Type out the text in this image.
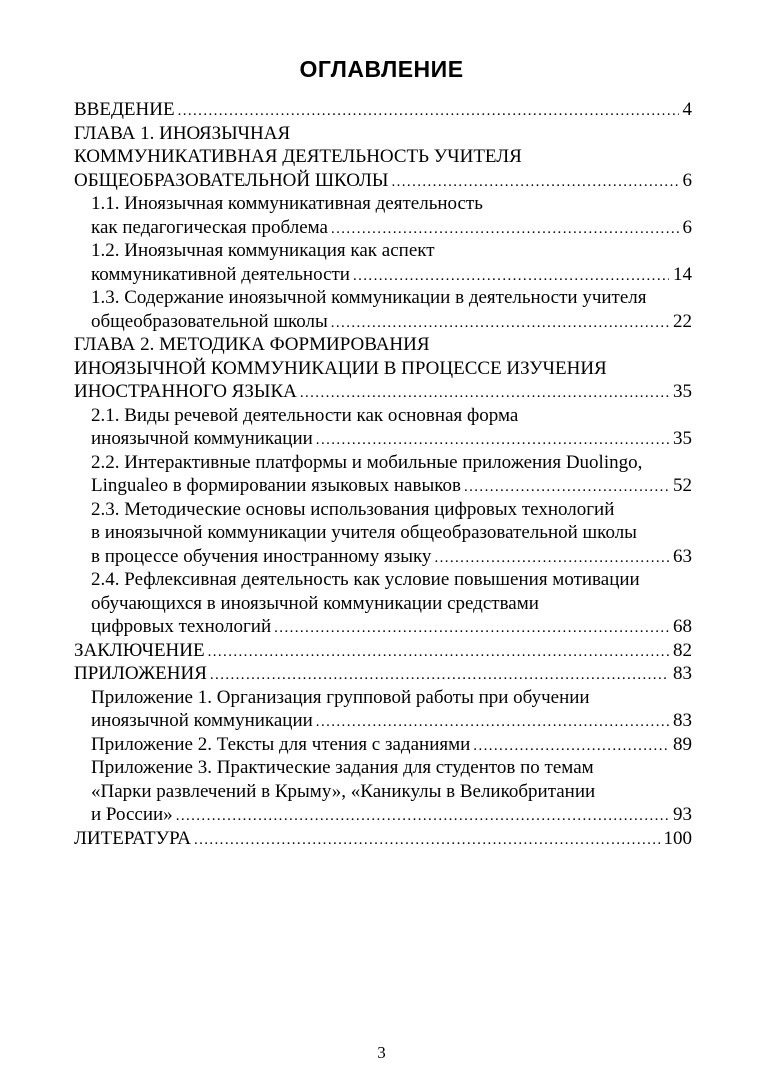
ОГЛАВЛЕНИЕ
ВВЕДЕНИЕ .....	4
ГЛАВА 1. ИНОЯЗЫЧНАЯ
КОММУНИКАТИВНАЯ ДЕЯТЕЛЬНОСТЬ УЧИТЕЛЯ
ОБЩЕОБРАЗОВАТЕЛЬНОЙ ШКОЛЫ .....	6
1.1. Иноязычная коммуникативная деятельность
как педагогическая проблема .....	6
1.2. Иноязычная коммуникация как аспект
коммуникативной деятельности .....	14
1.3. Содержание иноязычной коммуникации в деятельности учителя
общеобразовательной школы .....	22
ГЛАВА 2. МЕТОДИКА ФОРМИРОВАНИЯ
ИНОЯЗЫЧНОЙ КОММУНИКАЦИИ В ПРОЦЕССЕ ИЗУЧЕНИЯ
ИНОСТРАННОГО ЯЗЫКА .....	35
2.1. Виды речевой деятельности как основная форма
иноязычной коммуникации .....	35
2.2. Интерактивные платформы и мобильные приложения Duolingo,
Lingualeo в формировании языковых навыков .....	52
2.3. Методические основы использования цифровых технологий
в иноязычной коммуникации учителя общеобразовательной школы
в процессе обучения иностранному языку .....	63
2.4. Рефлексивная деятельность как условие повышения мотивации
обучающихся в иноязычной коммуникации средствами
цифровых технологий .....	68
ЗАКЛЮЧЕНИЕ .....	82
ПРИЛОЖЕНИЯ .....	83
Приложение 1. Организация групповой работы при обучении
иноязычной коммуникации .....	83
Приложение 2. Тексты для чтения с заданиями .....	89
Приложение 3. Практические задания для студентов по темам
«Парки развлечений в Крыму», «Каникулы в Великобритании
и России» .....	93
ЛИТЕРАТУРА .....	100
3
